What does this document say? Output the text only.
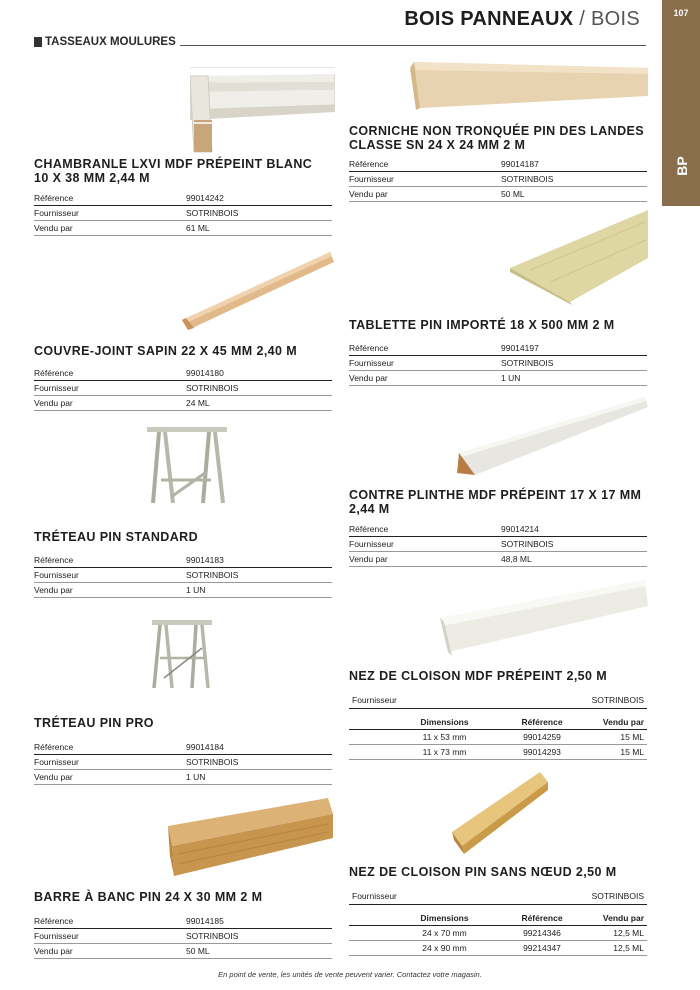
BOIS PANNEAUX / BOIS	107
BP
TASSEAUX MOULURES
CHAMBRANLE LXVI MDF PRÉPEINT BLANC 10 X 38 MM 2,44 M
Référence	99014242
Fournisseur	SOTRINBOIS
Vendu par	61 ML
COUVRE-JOINT SAPIN 22 X 45 MM 2,40 M
Référence	99014180
Fournisseur	SOTRINBOIS
Vendu par	24 ML
TRÉTEAU PIN STANDARD
Référence	99014183
Fournisseur	SOTRINBOIS
Vendu par	1 UN
TRÉTEAU PIN PRO
Référence	99014184
Fournisseur	SOTRINBOIS
Vendu par	1 UN
BARRE À BANC PIN 24 X 30 MM 2 M
Référence	99014185
Fournisseur	SOTRINBOIS
Vendu par	50 ML
CORNICHE NON TRONQUÉE PIN DES LANDES CLASSE SN 24 X 24 MM 2 M
Référence	99014187
Fournisseur	SOTRINBOIS
Vendu par	50 ML
TABLETTE PIN IMPORTÉ 18 X 500 MM 2 M
Référence	99014197
Fournisseur	SOTRINBOIS
Vendu par	1 UN
CONTRE PLINTHE MDF PRÉPEINT 17 X 17 MM 2,44 M
Référence	99014214
Fournisseur	SOTRINBOIS
Vendu par	48,8 ML
NEZ DE CLOISON MDF PRÉPEINT 2,50 M
Fournisseur	SOTRINBOIS
Dimensions	Référence	Vendu par
11 x 53 mm	99014259	15 ML
11 x 73 mm	99014293	15 ML
NEZ DE CLOISON PIN SANS NŒUD 2,50 M
Fournisseur	SOTRINBOIS
Dimensions	Référence	Vendu par
24 x 70 mm	99214346	12,5 ML
24 x 90 mm	99214347	12,5 ML
En point de vente, les unités de vente peuvent varier. Contactez votre magasin.
